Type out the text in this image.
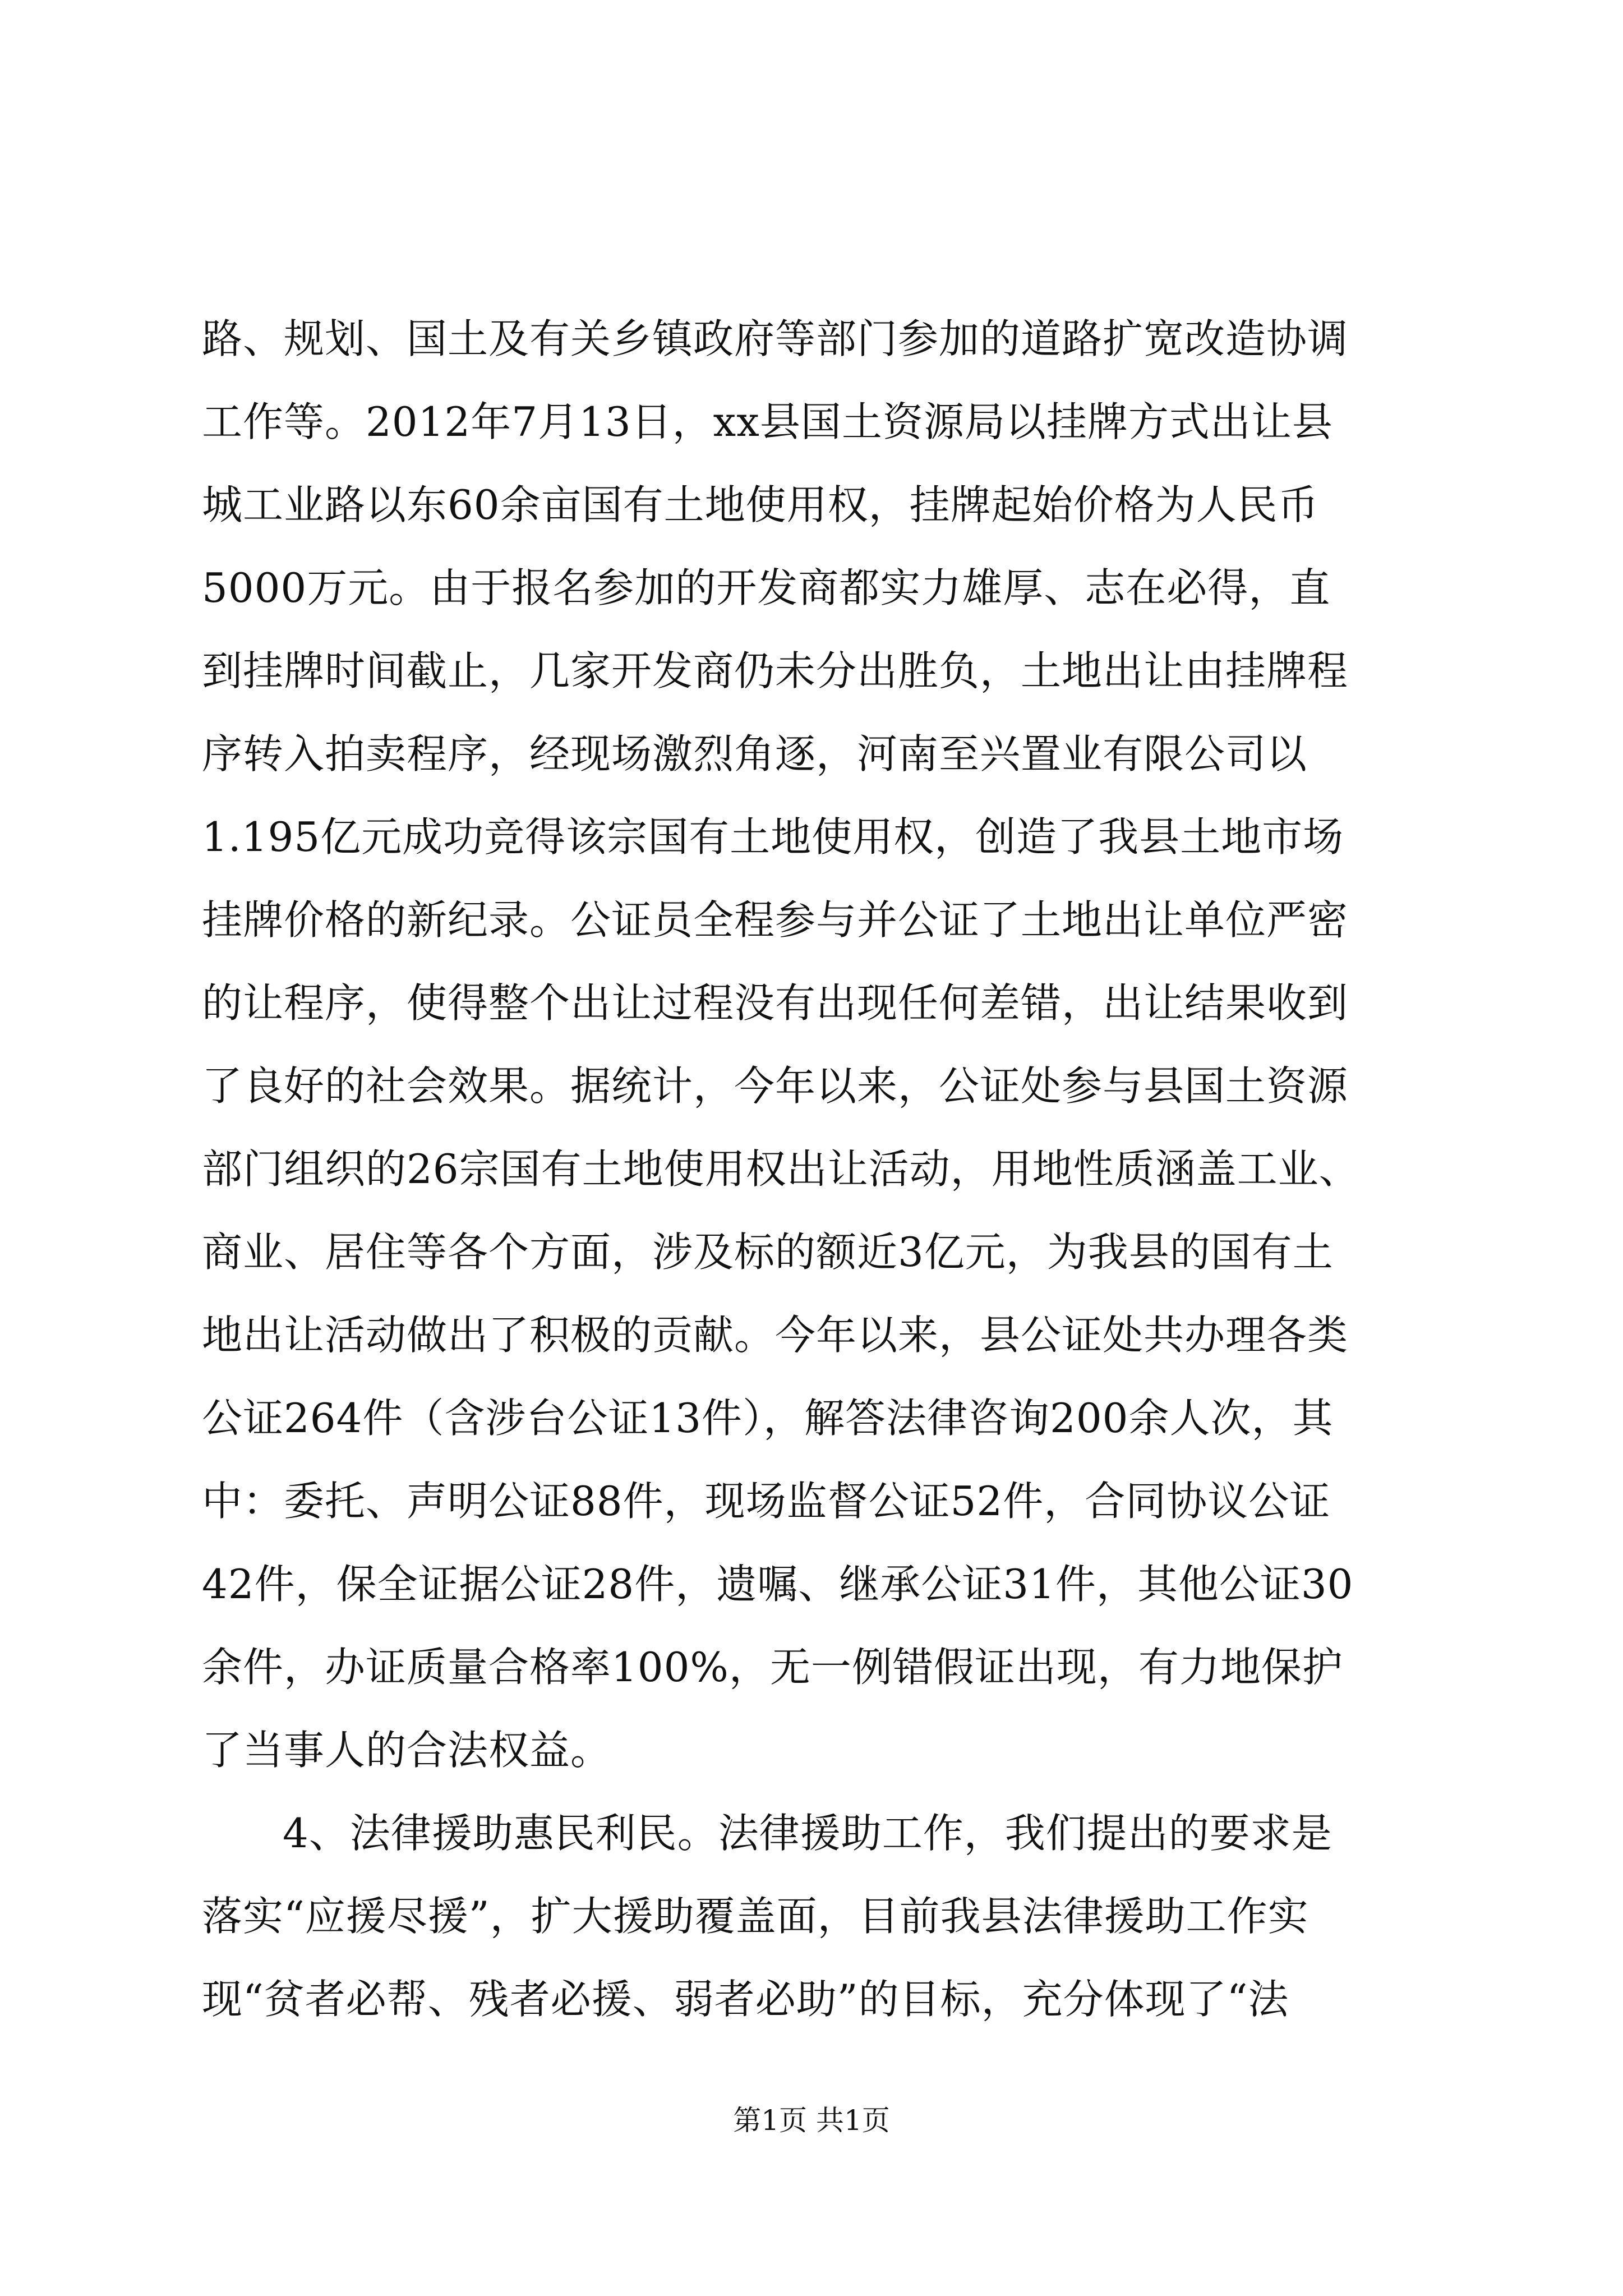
路、规划、国土及有关乡镇政府等部门参加的道路扩宽改造协调
工作等。2012年7月13日，xx县国土资源局以挂牌方式出让县
城工业路以东60余亩国有土地使用权，挂牌起始价格为人民币
5000万元。由于报名参加的开发商都实力雄厚、志在必得，直
到挂牌时间截止，几家开发商仍未分出胜负，土地出让由挂牌程
序转入拍卖程序，经现场激烈角逐，河南至兴置业有限公司以
1.195亿元成功竞得该宗国有土地使用权，创造了我县土地市场
挂牌价格的新纪录。公证员全程参与并公证了土地出让单位严密
的让程序，使得整个出让过程没有出现任何差错，出让结果收到
了良好的社会效果。据统计，今年以来，公证处参与县国土资源
部门组织的26宗国有土地使用权出让活动，用地性质涵盖工业、
商业、居住等各个方面，涉及标的额近3亿元，为我县的国有土
地出让活动做出了积极的贡献。今年以来，县公证处共办理各类
公证264件（含涉台公证13件），解答法律咨询200余人次，其
中：委托、声明公证88件，现场监督公证52件，合同协议公证
42件，保全证据公证28件，遗嘱、继承公证31件，其他公证30
余件，办证质量合格率100%，无一例错假证出现，有力地保护
了当事人的合法权益。
4、法律援助惠民利民。法律援助工作，我们提出的要求是
落实“应援尽援”，扩大援助覆盖面，目前我县法律援助工作实
现“贫者必帮、残者必援、弱者必助”的目标，充分体现了“法
第1页 共1页
